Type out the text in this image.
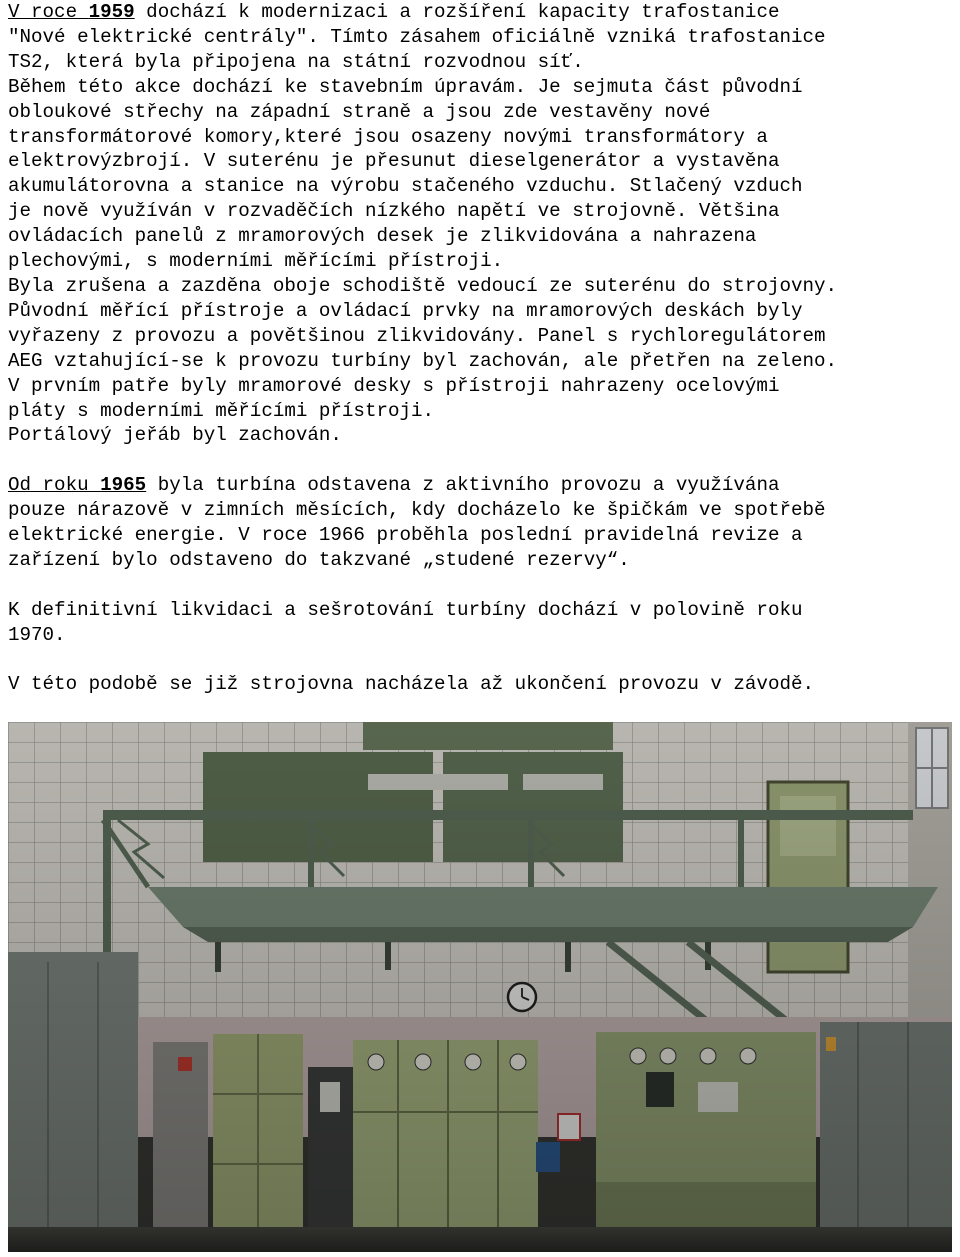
V roce 1959 dochází k modernizaci a rozšíření kapacity trafostanice

"Nové elektrické centrály". Tímto zásahem oficiálně vzniká trafostanice

TS2, která byla připojena na státní rozvodnou síť.

Během této akce dochází ke stavebním úpravám. Je sejmuta část původní

obloukové střechy na západní straně a jsou zde vestavěny nové

transformátorové komory,které jsou osazeny novými transformátory a

elektrovýzbrojí. V suterénu je přesunut dieselgenerátor a vystavěna

akumulátorovna a stanice na výrobu stačeného vzduchu. Stlačený vzduch

je nově využíván v rozvaděčích nízkého napětí ve strojovně. Většina

ovládacích panelů z mramorových desek je zlikvidována a nahrazena

plechovými, s moderními měřícími přístroji.

Byla zrušena a zazděna oboje schodiště vedoucí ze suterénu do strojovny.

Původní měřící přístroje a ovládací prvky na mramorových deskách byly

vyřazeny z provozu a povětšinou zlikvidovány. Panel s rychloregulátorem

AEG vztahující-se k provozu turbíny byl zachován, ale přetřen na zeleno.

V prvním patře byly mramorové desky s přístroji nahrazeny ocelovými

pláty s moderními měřícími přístroji.

Portálový jeřáb byl zachován.

Od roku 1965 byla turbína odstavena z aktivního provozu a využívána

pouze nárazově v zimních měsících, kdy docházelo ke špičkám ve spotřebě

elektrické energie. V roce 1966 proběhla poslední pravidelná revize a

zařízení bylo odstaveno do takzvané „studené rezervy“.

K definitivní likvidaci a sešrotování turbíny dochází v polovině roku

1970.

V této podobě se již strojovna nacházela až ukončení provozu v závodě.
